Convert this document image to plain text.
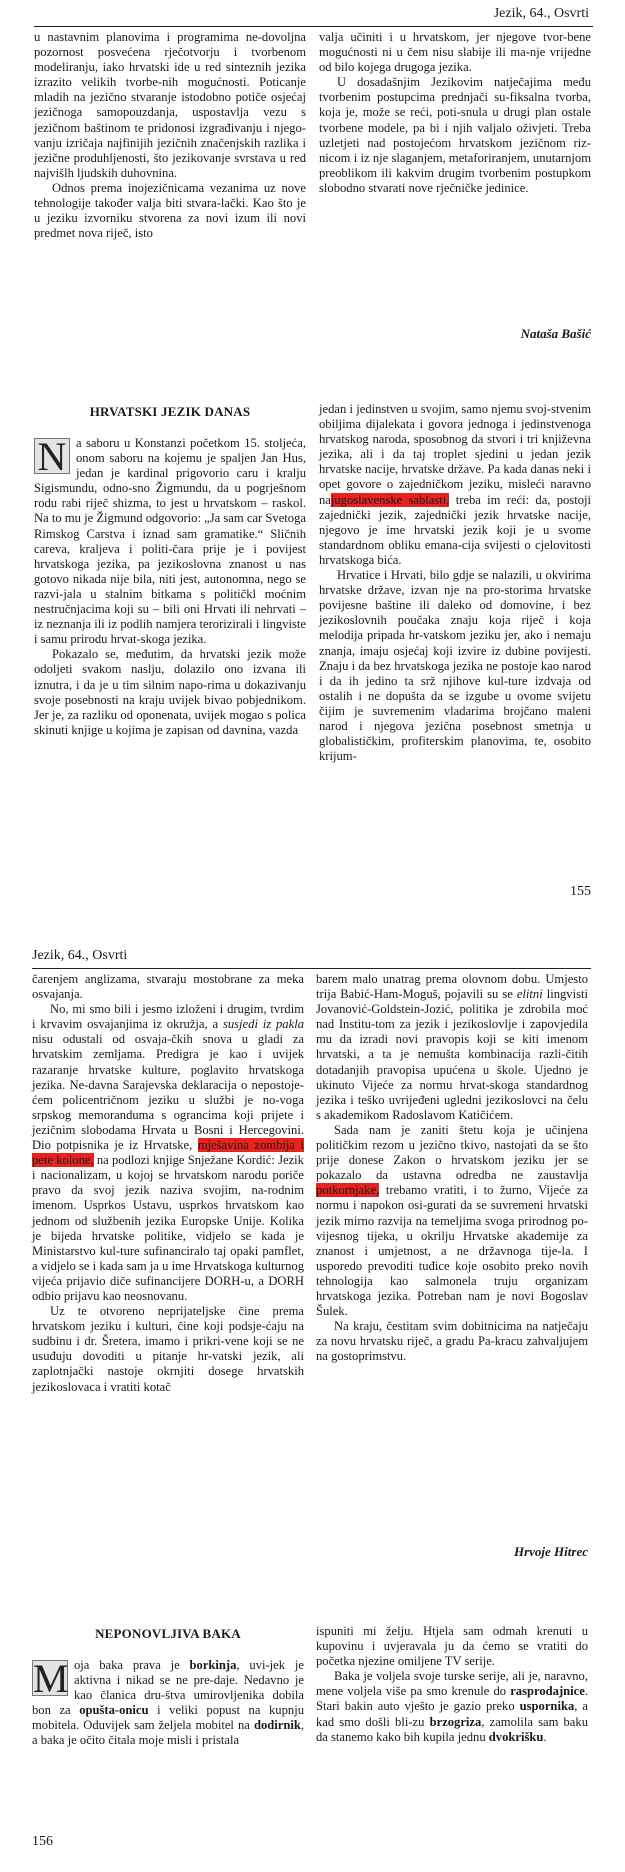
Jezik, 64., Osvrti

u nastavnim planovima i programima ne-dovoljna pozornost posvećena rječotvorju i tvorbenom modeliranju, iako hrvatski ide u red sinteznih jezika izrazito velikih tvorbe-nih mogućnosti. Poticanje mladih na jezično stvaranje istodobno potiče osjećaj jezičnoga samopouzdanja, uspostavlja vezu s jezičnom baštinom te pridonosi izgrađivanju i njego-vanju izričaja najfinijih jezičnih značenjskih razlika i jezične produhljenosti, što jezikovanje svrstava u red najvišlh ljudskih duhovnina.

Odnos prema inojezičnicama vezanima uz nove tehnologije također valja biti stvara-lački. Kao što je u jeziku izvorniku stvorena za novi izum ili novi predmet nova riječ, isto

valja učiniti i u hrvatskom, jer njegove tvor-bene mogućnosti ni u čem nisu slabije ili ma-nje vrijedne od bilo kojega drugoga jezika.

U dosadašnjim Jezikovim natječajima među tvorbenim postupcima prednjači su-fiksalna tvorba, koja je, može se reći, poti-snula u drugi plan ostale tvorbene modele, pa bi i njih valjalo oživjeti. Treba uzletjeti nad postojećom hrvatskom jezičnom riz-nicom i iz nje slaganjem, metaforiranjem, unutarnjom preoblikom ili kakvim drugim tvorbenim postupkom slobodno stvarati nove rječničke jedinice.

Nataša Bašić
HRVATSKI JEZIK DANAS

N a saboru u Konstanzi početkom 15. stoljeća, onom saboru na kojemu je spaljen Jan Hus, jedan je kardinal prigovorio caru i kralju Sigismundu, odno-sno Žigmundu, da u pogrješnom rodu rabi riječ shizma, to jest u hrvatskom – raskol. Na to mu je Žigmund odgovorio: „Ja sam car Svetoga Rimskog Carstva i iznad sam gramatike.“ Sličnih careva, kraljeva i politi-čara prije je i povijest hrvatskoga jezika, pa jezikoslovna znanost u nas gotovo nikada nije bila, niti jest, autonomna, nego se razvi-jala u stalnim bitkama s političkl moćnim nestručnjacima koji su – bili oni Hrvati ili nehrvati – iz neznanja ili iz podlih namjera terorizirali i lingviste i samu prirodu hrvat-skoga jezika.

Pokazalo se, međutim, da hrvatski jezik može odoljeti svakom naslju, dolazilo ono izvana ili iznutra, i da je u tim silnim napo-rima u dokazivanju svoje posebnosti na kraju uvijek bivao pobjednikom. Jer je, za razliku od oponenata, uvijek mogao s polica skinuti knjige u kojima je zapisan od davnina, vazda

jedan i jedinstven u svojim, samo njemu svoj-stvenim obiljima dijalekata i govora jednoga i jedinstvenoga hrvatskog naroda, sposobnog da stvori i tri književna jezika, ali i da taj troplet sjedini u jedan jezik hrvatske nacije, hrvatske države. Pa kada danas neki i opet govore o zajedničkom jeziku, misleći naravno najugoslavenske sablasti, treba im reći: da, postoji zajednički jezik, zajednički jezik hrvatske nacije, njegovo je ime hrvatski jezik koji je u svome standardnom obliku emana-cija svijesti o cjelovitosti hrvatskoga bića.

Hrvatice i Hrvati, bilo gdje se nalazili, u okvirima hrvatske države, izvan nje na pro-storima hrvatske povijesne baštine ili daleko od domovine, i bez jezikoslovnih poučaka znaju koja riječ i koja melodija pripada hr-vatskom jeziku jer, ako i nemaju znanja, imaju osjećaj koji izvire iz dubine povijesti. Znaju i da bez hrvatskoga jezika ne postoje kao narod i da ih jedino ta srž njihove kul-ture izdvaja od ostalih i ne dopušta da se izgube u ovome svijetu čijim je suvremenim vladarima brojčano maleni narod i njegova jezična posebnost smetnja u globalističkim, profiterskim planovima, te, osobito krijum-

155
Jezik, 64., Osvrti

čarenjem anglizama, stvaraju mostobrane za meka osvajanja.

No, mi smo bili i jesmo izloženi i drugim, tvrdim i krvavim osvajanjima iz okružja, a susjedi iz pakla nisu odustali od osvaja-čkih snova u gladi za hrvatskim zemljama. Predigra je kao i uvijek razaranje hrvatske kulture, poglavito hrvatskoga jezika. Ne-davna Sarajevska deklaracija o nepostoje-ćem policentričnom jeziku u službi je no-voga srpskog memoranduma s ograncima koji prijete i jezičnim slobodama Hrvata u Bosni i Hercegovini. Dio potpisnika je iz Hrvatske, mješavina zombija i pete kolone, na podlozi knjige Snježane Kordić: Jezik i nacionalizam, u kojoj se hrvatskom narodu poriče pravo da svoj jezik naziva svojim, na-rodnim imenom. Usprkos Ustavu, usprkos hrvatskom kao jednom od službenih jezika Europske Unije. Kolika je bijeda hrvatske politike, vidjelo se kada je Ministarstvo kul-ture sufinanciralo taj opaki pamflet, a vidjelo se i kada sam ja u ime Hrvatskoga kulturnog vijeća prijavio diče sufinancijere DORH-u, a DORH odbio prijavu kao neosnovanu.

Uz te otvoreno neprijateljske čine prema hrvatskom jeziku i kulturi, čine koji podsje-ćaju na sudbinu i dr. Šretera, imamo i prikri-vene koji se ne usuđuju dovoditi u pitanje hr-vatski jezik, ali zaplotnjački nastoje okrnjiti dosege hrvatskih jezikoslovaca i vratiti kotač

barem malo unatrag prema olovnom dobu. Umjesto trija Babić-Ham-Moguš, pojavili su se elitni lingvisti Jovanović-Goldstein-Jozić, politika je zdrobila moć nad Institu-tom za jezik i jezikoslovlje i zapovjedila mu da izradi novi pravopis koji se kiti imenom hrvatski, a ta je nemušta kombinacija razli-čitih dotadanjih pravopisa upućena u škole. Ujedno je ukinuto Vijeće za normu hrvat-skoga standardnog jezika i teško uvrijeđeni ugledni jezikoslovci na čelu s akademikom Radoslavom Katičićem.

Sada nam je zaniti štetu koja je učinjena političkim rezom u jezično tkivo, nastojati da se što prije donese Zakon o hrvatskom jeziku jer se pokazalo da ustavna odredba ne zaustavlja potkornjake, trebamo vratiti, i to žurno, Vijeće za normu i napokon osi-gurati da se suvremeni hrvatski jezik mirno razvija na temeljima svoga prirodnog po-vijesnog tijeka, u okrilju Hrvatske akademije za znanost i umjetnost, a ne državnoga tije-la. I usporedo prevoditi tuđice koje osobito preko novih tehnologija kao salmonela truju organizam hrvatskoga jezika. Potreban nam je novi Bogoslav Šulek.

Na kraju, čestitam svim dobitnicima na natječaju za novu hrvatsku riječ, a gradu Pa-kracu zahvaljujem na gostoprimstvu.

Hrvoje Hitrec
NEPONOVLJIVA BAKA

M oja baka prava je borkinja, uvi-jek je aktivna i nikad se ne pre-daje. Nedavno je kao članica dru-štva umirovljenika dobila bon za opušta-onicu i veliki popust na kupnju mobitela. Oduvijek sam željela mobitel na dodirnik, a baka je očito čitala moje misli i pristala

ispuniti mi želju. Htjela sam odmah krenuti u kupovinu i uvjeravala ju da ćemo se vratiti do početka njezine omiljene TV serije.

Baka je voljela svoje turske serije, ali je, naravno, mene voljela više pa smo krenule do rasprodajnice. Stari bakin auto vješto je gazio preko uspornika, a kad smo došli bli-zu brzogriza, zamolila sam baku da stanemo kako bih kupila jednu dvokrišku.

156
